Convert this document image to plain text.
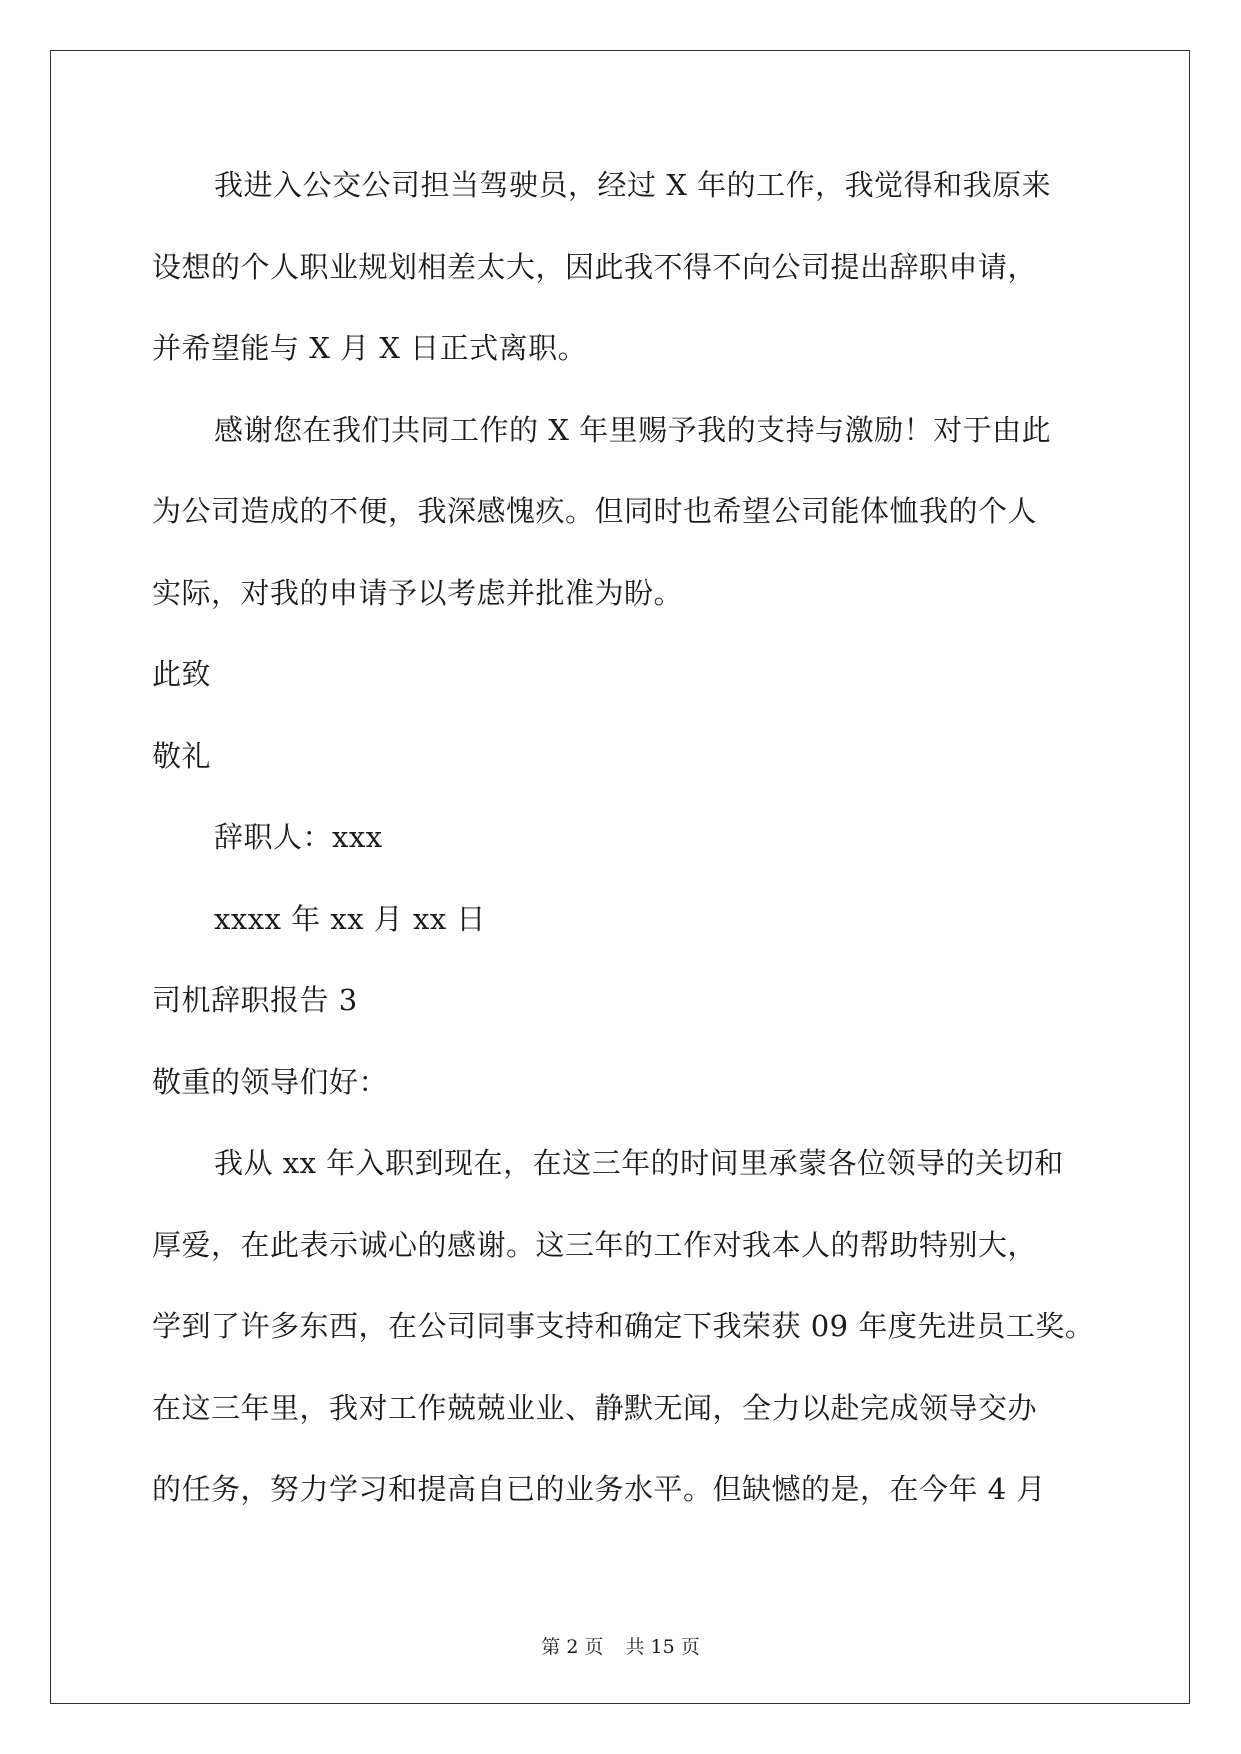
我进入公交公司担当驾驶员，经过 X 年的工作，我觉得和我原来
设想的个人职业规划相差太大，因此我不得不向公司提出辞职申请，
并希望能与 X 月 X 日正式离职。
感谢您在我们共同工作的 X 年里赐予我的支持与激励！对于由此
为公司造成的不便，我深感愧疚。但同时也希望公司能体恤我的个人
实际，对我的申请予以考虑并批准为盼。
此致
敬礼
辞职人：xxx
xxxx 年 xx 月 xx 日
司机辞职报告 3
敬重的领导们好：
我从 xx 年入职到现在，在这三年的时间里承蒙各位领导的关切和
厚爱，在此表示诚心的感谢。这三年的工作对我本人的帮助特别大，
学到了许多东西，在公司同事支持和确定下我荣获 09 年度先进员工奖。
在这三年里，我对工作兢兢业业、静默无闻，全力以赴完成领导交办
的任务，努力学习和提高自已的业务水平。但缺憾的是，在今年 4 月
第 2 页 共 15 页
